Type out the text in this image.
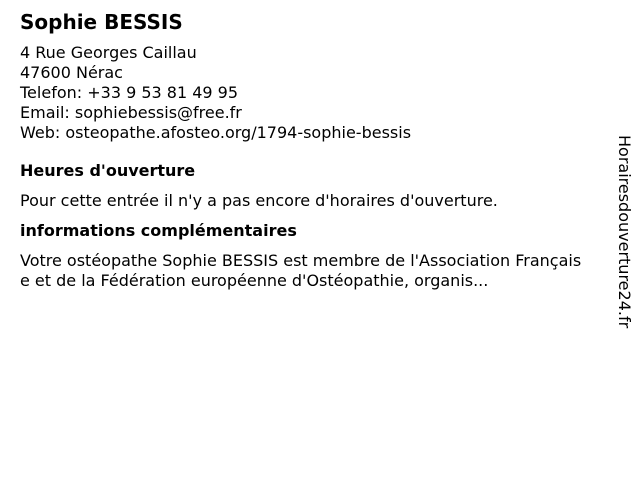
Sophie BESSIS
4 Rue Georges Caillau
47600 Nérac
Telefon: +33 9 53 81 49 95
Email: sophiebessis@free.fr
Web: osteopathe.afosteo.org/1794-sophie-bessis
Heures d'ouverture
Pour cette entrée il n'y a pas encore d'horaires d'ouverture.
informations complémentaires
Votre ostéopathe Sophie BESSIS est membre de l'Association Française et de la Fédération européenne d'Ostéopathie, organis...	Horairesdouverture24.fr
